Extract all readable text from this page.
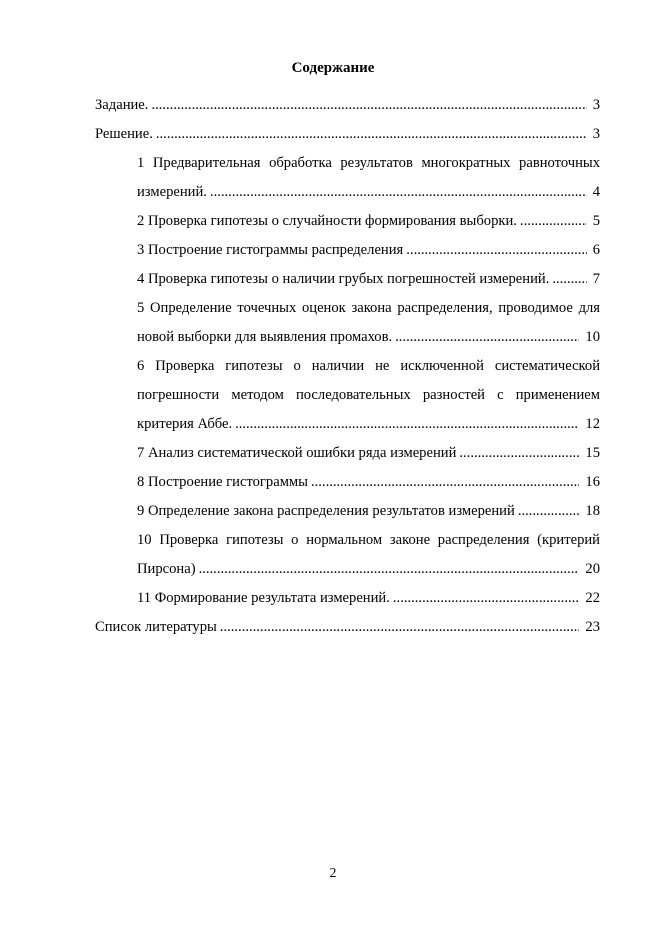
Содержание
Задание.	3
Решение.	3
1 Предварительная обработка результатов многократных равноточных измерений.	4
2 Проверка гипотезы о случайности формирования выборки.	5
3 Построение гистограммы распределения	6
4 Проверка гипотезы о наличии грубых погрешностей измерений.	7
5 Определение точечных оценок закона распределения, проводимое для новой выборки для выявления промахов.	10
6 Проверка гипотезы о наличии не исключенной систематической погрешности методом последовательных разностей с применением критерия Аббе.	12
7 Анализ систематической ошибки ряда измерений	15
8 Построение гистограммы	16
9 Определение закона распределения результатов измерений	18
10 Проверка гипотезы о нормальном законе распределения (критерий Пирсона)	20
11 Формирование результата измерений.	22
Список литературы	23
2
